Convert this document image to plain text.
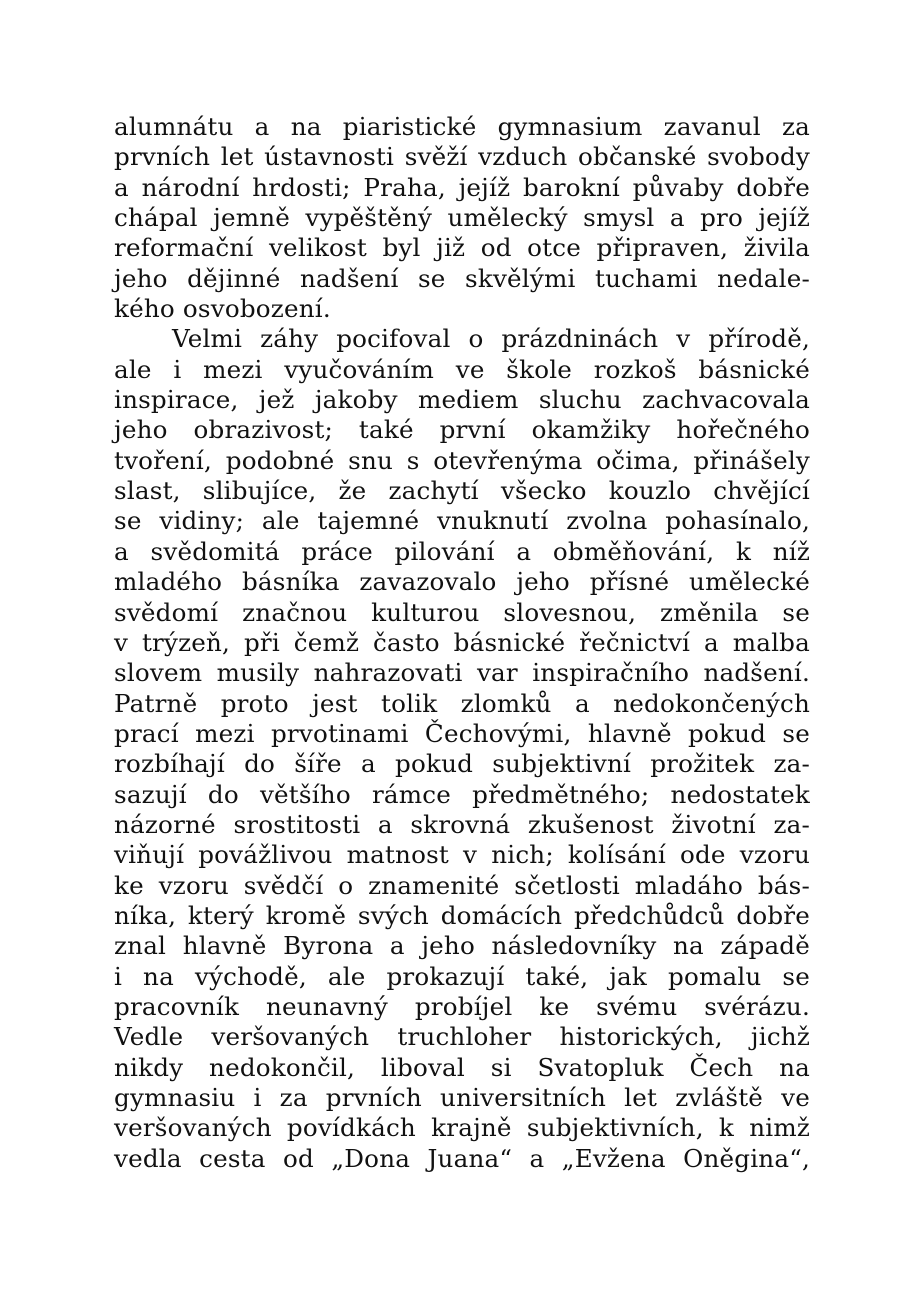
alumnátu a na piaristické gymnasium zavanul za
prvních let ústavnosti svěží vzduch občanské svobody
a národní hrdosti; Praha, jejíž barokní půvaby dobře
chápal jemně vypěštěný umělecký smysl a pro jejíž
reformační velikost byl již od otce připraven, živila
jeho dějinné nadšení se skvělými tuchami nedale-
kého osvobození.
Velmi záhy pocifoval o prázdninách v přírodě,
ale i mezi vyučováním ve škole rozkoš básnické
inspirace, jež jakoby mediem sluchu zachvacovala
jeho obrazivost; také první okamžiky hořečného
tvoření, podobné snu s otevřenýma očima, přinášely
slast, slibujíce, že zachytí všecko kouzlo chvějící
se vidiny; ale tajemné vnuknutí zvolna pohasínalo,
a svědomitá práce pilování a obměňování, k níž
mladého básníka zavazovalo jeho přísné umělecké
svědomí značnou kulturou slovesnou, změnila se
v trýzeň, při čemž často básnické řečnictví a malba
slovem musily nahrazovati var inspiračního nadšení.
Patrně proto jest tolik zlomků a nedokončených
prací mezi prvotinami Čechovými, hlavně pokud se
rozbíhají do šíře a pokud subjektivní prožitek za-
sazují do většího rámce předmětného; nedostatek
názorné srostitosti a skrovná zkušenost životní za-
viňují povážlivou matnost v nich; kolísání ode vzoru
ke vzoru svědčí o znamenité sčetlosti mladáho bás-
níka, který kromě svých domácích předchůdců dobře
znal hlavně Byrona a jeho následovníky na západě
i na východě, ale prokazují také, jak pomalu se
pracovník neunavný probíjel ke svému svérázu.
Vedle veršovaných truchloher historických, jichž
nikdy nedokončil, liboval si Svatopluk Čech na
gymnasiu i za prvních universitních let zvláště ve
veršovaných povídkách krajně subjektivních, k nimž
vedla cesta od „Dona Juana“ a „Evžena Oněgina“,
